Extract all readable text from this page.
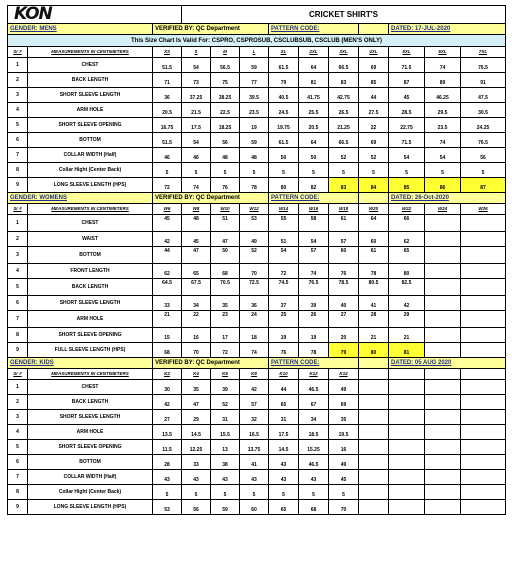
KON			CRICKET SHIRT'S									
GENDER: MENS		VERIFIED BY: QC Department				PATTERN CODE:				DATED: 17-JUL-2020		
This Size Chart Is Valid For: CSPRO, CSPROSUB, CSCLUBSUB, CSCLUB (MEN'S ONLY)												
Sr #	MEASUREMENTS IN CENTIMETERS	XS	S	M	L	XL	2XL	3XL	4XL	5XL	6XL	7XL
1	CHEST	51.5	54	56.5	59	61.5	64	66.5	69	71.5	74	76.5
2	BACK LENGTH	71	73	75	77	79	81	83	85	87	89	91
3	SHORT SLEEVE LENGTH	36	37.25	38.25	39.5	40.5	41.75	42.75	44	45	46.25	47.5
4	ARM HOLE	20.5	21.5	22.5	23.5	24.5	25.5	26.5	27.5	28.5	29.5	30.5
5	SHORT SLEEVE OPENING	16.75	17.5	18.25	19	19.75	20.5	21.25	22	22.75	23.5	24.25
6	BOTTOM	51.5	54	56	59	61.5	64	66.5	69	71.5	74	76.5
7	COLLAR WIDTH (Half)	46	46	48	48	50	50	52	52	54	54	56
8	Collar Hight (Center Back)	5	5	5	5	5	5	5	5	5	5	5
9	LONG SLEEVE LENGTH (HPS)	72	74	76	78	80	82	83	84	85	86	87
GENDER: WOMENS		VERIFIED BY: QC Department				PATTERN CODE:				DATED: 26-Oct-2020		
Sr #	MEASUREMENTS IN CENTIMETERS	W6	W8	W10	W12	W14	W16	W18	W20	W22	W24	W26
1	CHEST	45	48	51	53	55	58	61	64	66		
2	WAIST	42	45	47	49	51	54	57	60	62		
3	BOTTOM	44	47	50	52	54	57	60	61	65		
4	FRONT LENGTH	62	65	68	70	72	74	76	78	80		
5	BACK LENGTH	64.5	67.5	70.5	72.5	74.5	76.5	78.5	80.5	82.5		
6	SHORT SLEEVE LENGTH	33	34	35	36	37	39	40	41	42		
7	ARM HOLE	21	22	23	24	25	26	27	28	29		
8	SHORT SLEEVE OPENING	15	16	17	18	19	19	20	21	21		
9	FULL SLEEVE LENGTH (HPS)	68	70	72	74	76	78	79	80	81		
GENDER: KIDS		VERIFIED BY: QC Department				PATTERN CODE:				DATED: 05 AUG 2020		
Sr #	MEASUREMENTS IN CENTIMETERS	K2	K4	K6	K8	K10	K12	K14				
1	CHEST	30	35	39	42	44	46.5	49				
2	BACK LENGTH	42	47	52	57	65	67	69				
3	SHORT SLEEVE LENGTH	27	29	31	32	31	34	35				
4	ARM HOLE	13.5	14.5	15.5	16.5	17.5	18.5	19.5				
5	SHORT SLEEVE OPENING	11.5	12.25	13	13.75	14.5	15.25	16				
6	BOTTOM	28	33	38	41	43	46.5	49				
7	COLLAR WIDTH (Half)	43	43	43	43	43	43	45				
8	Collar Hight (Center Back)	5	5	5	5	5	5	5				
9	LONG SLEEVE LENGTH (HPS)	53	56	59	60	65	68	70				
